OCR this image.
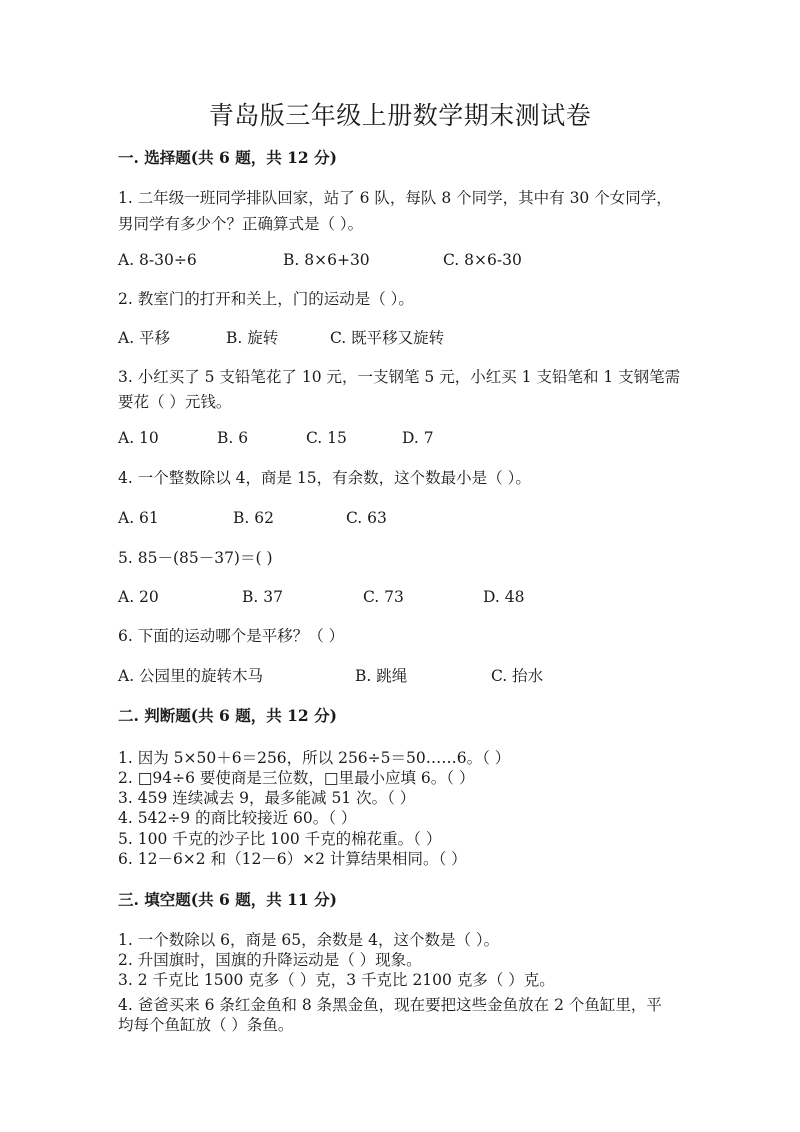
青岛版三年级上册数学期末测试卷
一. 选择题(共 6 题，共 12 分)
1. 二年级一班同学排队回家，站了 6 队，每队 8 个同学，其中有 30 个女同学，
男同学有多少个？正确算式是（ ）。
A. 8-30÷6	B. 8×6+30	C. 8×6-30
2. 教室门的打开和关上，门的运动是（ ）。
A. 平移	B. 旋转	C. 既平移又旋转
3. 小红买了 5 支铅笔花了 10 元，一支钢笔 5 元，小红买 1 支铅笔和 1 支钢笔需
要花（ ）元钱。
A. 10	B. 6	C. 15	D. 7
4. 一个整数除以 4，商是 15，有余数，这个数最小是（ ）。
A. 61	B. 62	C. 63
5. 85－(85－37)＝( )
A. 20	B. 37	C. 73	D. 48
6. 下面的运动哪个是平移？（ ）
A. 公园里的旋转木马	B. 跳绳	C. 抬水
二. 判断题(共 6 题，共 12 分)
1. 因为 5×50＋6＝256，所以 256÷5＝50……6。（ ）
2. □94÷6 要使商是三位数，□里最小应填 6。（ ）
3. 459 连续减去 9，最多能减 51 次。（ ）
4. 542÷9 的商比较接近 60。（ ）
5. 100 千克的沙子比 100 千克的棉花重。（ ）
6. 12－6×2 和（12－6）×2 计算结果相同。（ ）
三. 填空题(共 6 题，共 11 分)
1. 一个数除以 6，商是 65，余数是 4，这个数是（ ）。
2. 升国旗时，国旗的升降运动是（ ）现象。
3. 2 千克比 1500 克多（ ）克，3 千克比 2100 克多（ ）克。
4. 爸爸买来 6 条红金鱼和 8 条黑金鱼，现在要把这些金鱼放在 2 个鱼缸里，平
均每个鱼缸放（ ）条鱼。
